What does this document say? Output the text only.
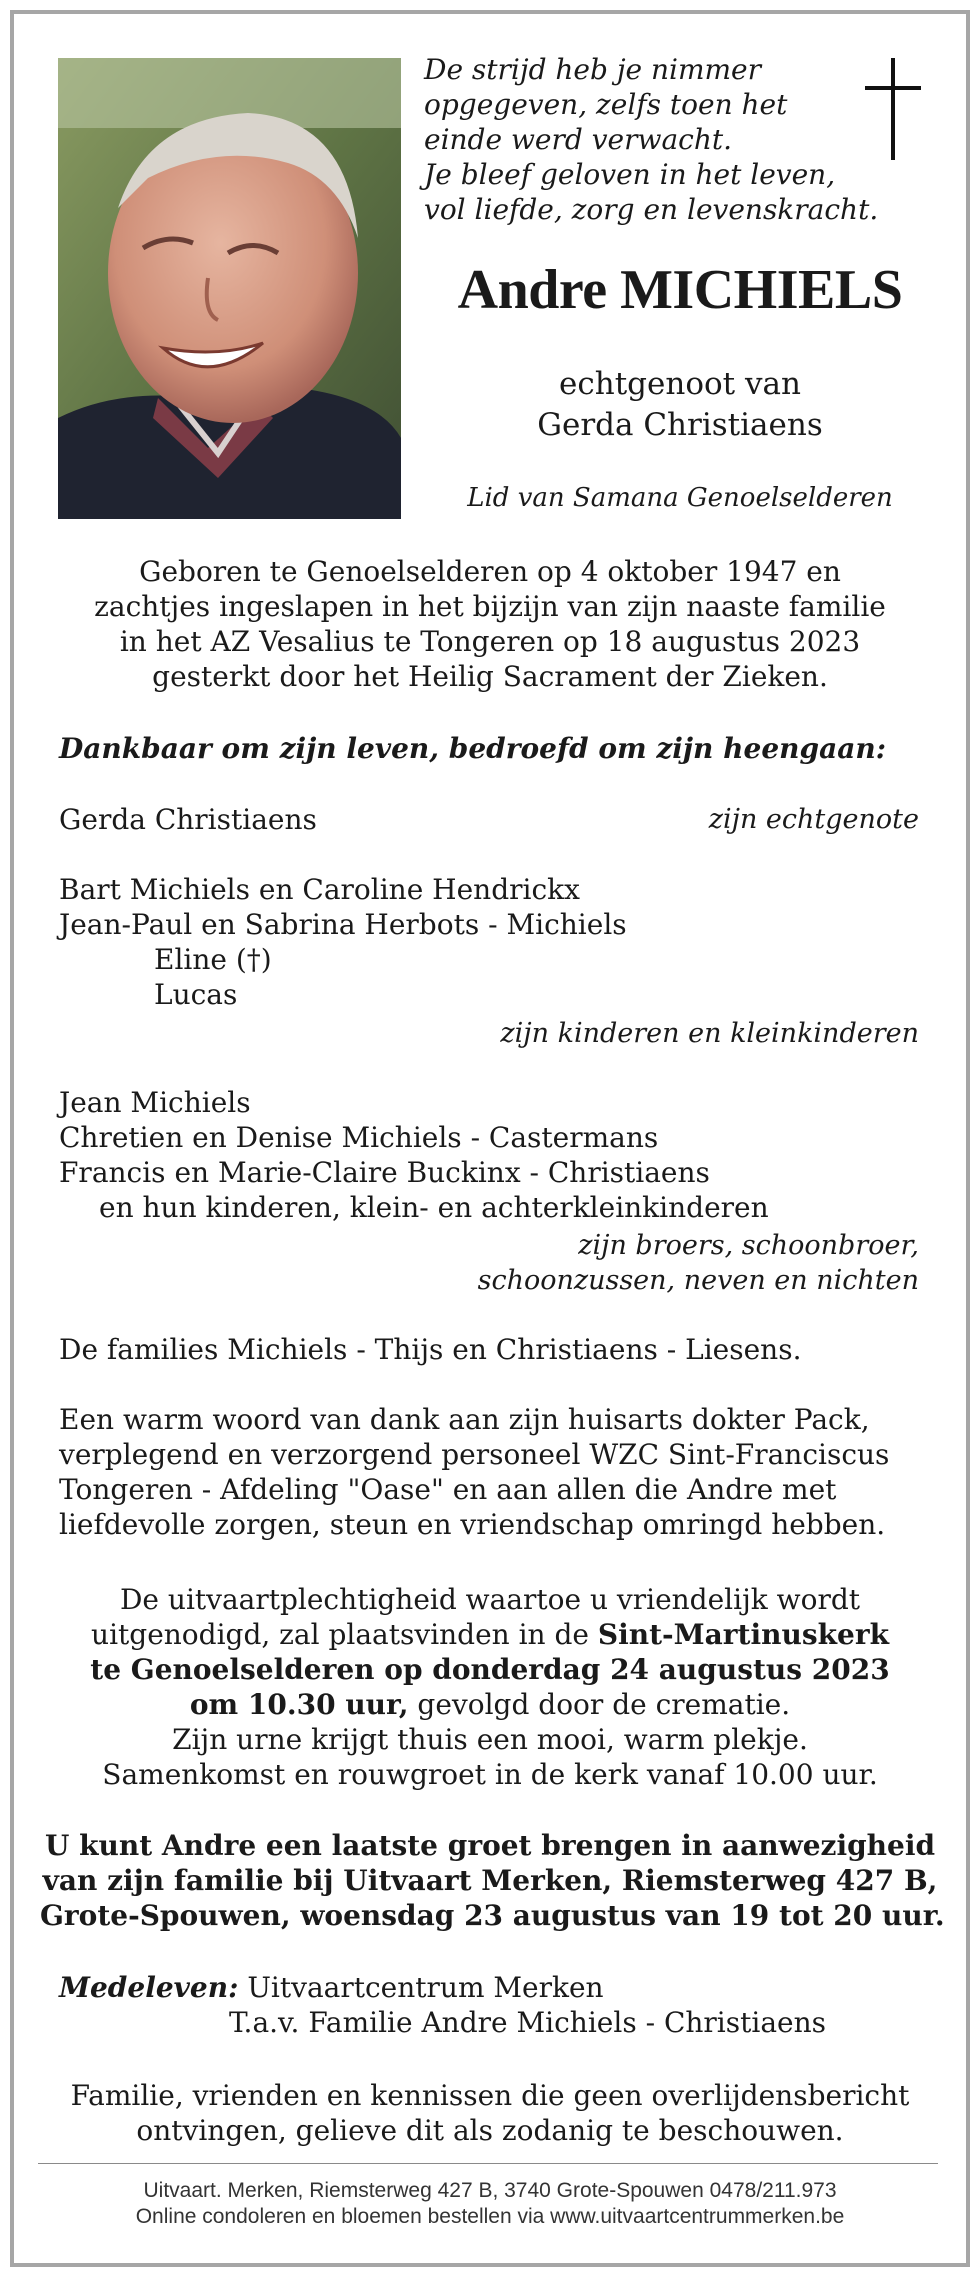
De strijd heb je nimmer
opgegeven, zelfs toen het
einde werd verwacht.
Je bleef geloven in het leven,
vol liefde, zorg en levenskracht.
Andre MICHIELS
echtgenoot van
Gerda Christiaens
Lid van Samana Genoelselderen
Geboren te Genoelselderen op 4 oktober 1947 en
zachtjes ingeslapen in het bijzijn van zijn naaste familie
in het AZ Vesalius te Tongeren op 18 augustus 2023
gesterkt door het Heilig Sacrament der Zieken.
Dankbaar om zijn leven, bedroefd om zijn heengaan:
Gerda Christiaens	zijn echtgenote
Bart Michiels en Caroline Hendrickx
Jean-Paul en Sabrina Herbots - Michiels
Eline (†)
Lucas
zijn kinderen en kleinkinderen
Jean Michiels
Chretien en Denise Michiels - Castermans
Francis en Marie-Claire Buckinx - Christiaens
en hun kinderen, klein- en achterkleinkinderen
zijn broers, schoonbroer,
schoonzussen, neven en nichten
De families Michiels - Thijs en Christiaens - Liesens.
Een warm woord van dank aan zijn huisarts dokter Pack,
verplegend en verzorgend personeel WZC Sint-Franciscus
Tongeren - Afdeling "Oase" en aan allen die Andre met
liefdevolle zorgen, steun en vriendschap omringd hebben.
De uitvaartplechtigheid waartoe u vriendelijk wordt
uitgenodigd, zal plaatsvinden in de Sint-Martinuskerk
te Genoelselderen op donderdag 24 augustus 2023
om 10.30 uur, gevolgd door de crematie.
Zijn urne krijgt thuis een mooi, warm plekje.
Samenkomst en rouwgroet in de kerk vanaf 10.00 uur.
U kunt Andre een laatste groet brengen in aanwezigheid
van zijn familie bij Uitvaart Merken, Riemsterweg 427 B,
Grote-Spouwen, woensdag 23 augustus van 19 tot 20 uur.
Medeleven: Uitvaartcentrum Merken
T.a.v. Familie Andre Michiels - Christiaens
Familie, vrienden en kennissen die geen overlijdensbericht
ontvingen, gelieve dit als zodanig te beschouwen.
Uitvaart. Merken, Riemsterweg 427 B, 3740 Grote-Spouwen 0478/211.973
Online condoleren en bloemen bestellen via www.uitvaartcentrummerken.be
